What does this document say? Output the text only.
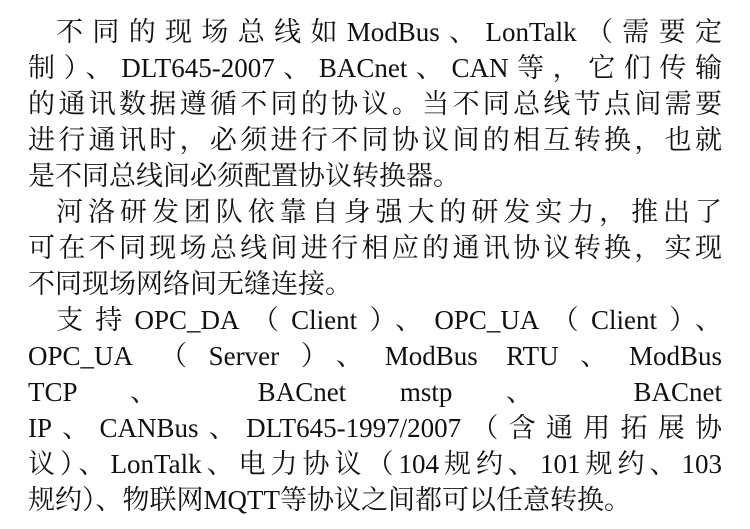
不同的现场总线如ModBus、LonTalk（需要定
制）、DLT645-2007、BACnet、CAN等，它们传输
的通讯数据遵循不同的协议。当不同总线节点间需要
进行通讯时，必须进行不同协议间的相互转换，也就
是不同总线间必须配置协议转换器。
河洛研发团队依靠自身强大的研发实力，推出了
可在不同现场总线间进行相应的通讯协议转换，实现
不同现场网络间无缝连接。
支持OPC_DA（Client）、OPC_UA（Client）、
OPC_UA （Server）、ModBus RTU、ModBus
TCP 、 BACnet mstp 、 BACnet
IP、CANBus、DLT645-1997/2007（含通用拓展协
议）、LonTalk、电力协议（104规约、101规约、103
规约）、物联网MQTT等协议之间都可以任意转换。
